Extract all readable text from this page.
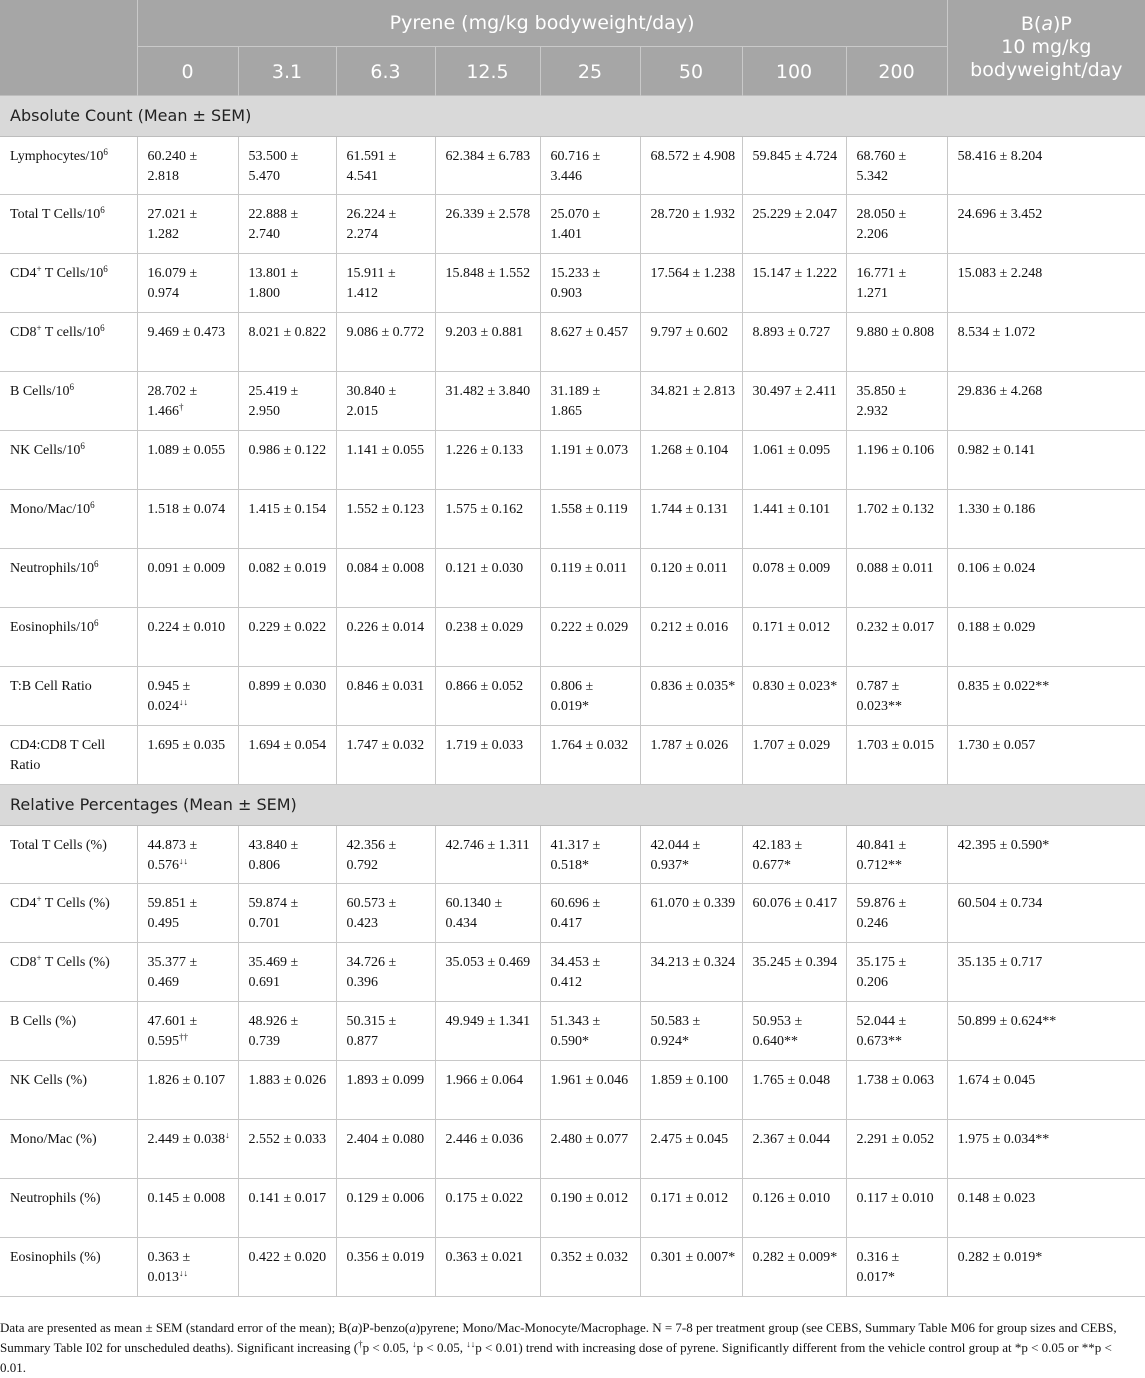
	Pyrene (mg/kg bodyweight/day)								B(a)P
10 mg/kg
bodyweight/day
	0	3.1	6.3	12.5	25	50	100	200	
Absolute Count (Mean ± SEM)									
Lymphocytes/$10^6$	60.240 ± 2.818	53.500 ± 5.470	61.591 ± 4.541	62.384 ± 6.783	60.716 ± 3.446	68.572 ± 4.908	59.845 ± 4.724	68.760 ± 5.342	58.416 ± 8.204
Total T Cells/$10^6$	27.021 ± 1.282	22.888 ± 2.740	26.224 ± 2.274	26.339 ± 2.578	25.070 ± 1.401	28.720 ± 1.932	25.229 ± 2.047	28.050 ± 2.206	24.696 ± 3.452
CD4+ T Cells/$10^6$	16.079 ± 0.974	13.801 ± 1.800	15.911 ± 1.412	15.848 ± 1.552	15.233 ± 0.903	17.564 ± 1.238	15.147 ± 1.222	16.771 ± 1.271	15.083 ± 2.248
CD8+ T cells/$10^6$	9.469 ± 0.473	8.021 ± 0.822	9.086 ± 0.772	9.203 ± 0.881	8.627 ± 0.457	9.797 ± 0.602	8.893 ± 0.727	9.880 ± 0.808	8.534 ± 1.072
B Cells/$10^6$	28.702 ± 1.466†	25.419 ± 2.950	30.840 ± 2.015	31.482 ± 3.840	31.189 ± 1.865	34.821 ± 2.813	30.497 ± 2.411	35.850 ± 2.932	29.836 ± 4.268
NK Cells/$10^6$	1.089 ± 0.055	0.986 ± 0.122	1.141 ± 0.055	1.226 ± 0.133	1.191 ± 0.073	1.268 ± 0.104	1.061 ± 0.095	1.196 ± 0.106	0.982 ± 0.141
Mono/$Mac/10^6$	1.518 ± 0.074	1.415 ± 0.154	1.552 ± 0.123	1.575 ± 0.162	1.558 ± 0.119	1.744 ± 0.131	1.441 ± 0.101	1.702 ± 0.132	1.330 ± 0.186
Neutrophils/$10^6$	0.091 ± 0.009	0.082 ± 0.019	0.084 ± 0.008	0.121 ± 0.030	0.119 ± 0.011	0.120 ± 0.011	0.078 ± 0.009	0.088 ± 0.011	0.106 ± 0.024
Eosinophils/$10^6$	0.224 ± 0.010	0.229 ± 0.022	0.226 ± 0.014	0.238 ± 0.029	0.222 ± 0.029	0.212 ± 0.016	0.171 ± 0.012	0.232 ± 0.017	0.188 ± 0.029
T:B Cell Ratio	0.945 ± 0.024↓↓	0.899 ± 0.030	0.846 ± 0.031	0.866 ± 0.052	0.806 ± 0.019*	0.836 ± 0.035*	0.830 ± 0.023*	0.787 ± 0.023**	0.835 ± 0.022**
CD4:CD8 T Cell Ratio	1.695 ± 0.035	1.694 ± 0.054	1.747 ± 0.032	1.719 ± 0.033	1.764 ± 0.032	1.787 ± 0.026	1.707 ± 0.029	1.703 ± 0.015	1.730 ± 0.057
Relative Percentages (Mean ± SEM)									
Total T Cells (%)	44.873 ± 0.576↓↓	43.840 ± 0.806	42.356 ± 0.792	42.746 ± 1.311	41.317 ± 0.518*	42.044 ± 0.937*	42.183 ± 0.677*	40.841 ± 0.712**	42.395 ± 0.590*
CD4+ T Cells (%)	59.851 ± 0.495	59.874 ± 0.701	60.573 ± 0.423	60.1340 ± 0.434	60.696 ± 0.417	61.070 ± 0.339	60.076 ± 0.417	59.876 ± 0.246	60.504 ± 0.734
CD8+ T Cells (%)	35.377 ± 0.469	35.469 ± 0.691	34.726 ± 0.396	35.053 ± 0.469	34.453 ± 0.412	34.213 ± 0.324	35.245 ± 0.394	35.175 ± 0.206	35.135 ± 0.717
B Cells (%)	47.601 ± 0.595††	48.926 ± 0.739	50.315 ± 0.877	49.949 ± 1.341	51.343 ± 0.590*	50.583 ± 0.924*	50.953 ± 0.640**	52.044 ± 0.673**	50.899 ± 0.624**
NK Cells (%)	1.826 ± 0.107	1.883 ± 0.026	1.893 ± 0.099	1.966 ± 0.064	1.961 ± 0.046	1.859 ± 0.100	1.765 ± 0.048	1.738 ± 0.063	1.674 ± 0.045
Mono/Mac (%)	2.449 ± 0.038↓	2.552 ± 0.033	2.404 ± 0.080	2.446 ± 0.036	2.480 ± 0.077	2.475 ± 0.045	2.367 ± 0.044	2.291 ± 0.052	1.975 ± 0.034**
Neutrophils (%)	0.145 ± 0.008	0.141 ± 0.017	0.129 ± 0.006	0.175 ± 0.022	0.190 ± 0.012	0.171 ± 0.012	0.126 ± 0.010	0.117 ± 0.010	0.148 ± 0.023
Eosinophils (%)	0.363 ± 0.013↓↓	0.422 ± 0.020	0.356 ± 0.019	0.363 ± 0.021	0.352 ± 0.032	0.301 ± 0.007*	0.282 ± 0.009*	0.316 ± 0.017*	0.282 ± 0.019*
Data are presented as mean ± SEM (standard error of the mean); B(a)P-benzo(a)pyrene; Mono/Mac-Monocyte/Macrophage. N = 7-8 per treatment group (see CEBS, Summary Table M06 for group sizes and CEBS, Summary Table I02 for unscheduled deaths). Significant increasing (†p < 0.05, ↓p < 0.05, ↓↓p < 0.01) trend with increasing dose of pyrene. Significantly different from the vehicle control group at *p < 0.05 or **p < 0.01.
